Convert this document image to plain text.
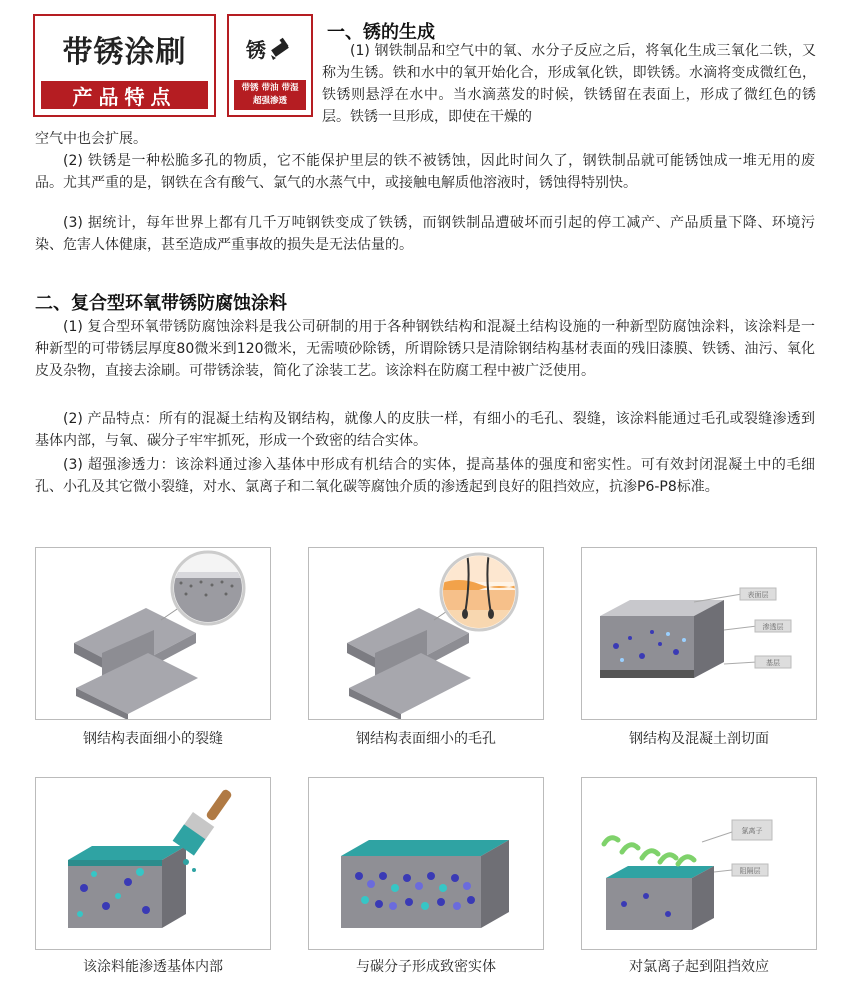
带锈涂刷
产品特点
锈
带锈 带油 带湿
超强渗透
一、锈的生成
(1) 钢铁制品和空气中的氧、水分子反应之后，将氧化生成三氧化二铁，又称为生锈。铁和水中的氧开始化合，形成氧化铁，即铁锈。水滴将变成微红色，铁锈则悬浮在水中。当水滴蒸发的时候，铁锈留在表面上，形成了微红色的锈层。铁锈一旦形成，即使在干燥的
空气中也会扩展。
(2) 铁锈是一种松脆多孔的物质，它不能保护里层的铁不被锈蚀，因此时间久了，钢铁制品就可能锈蚀成一堆无用的废品。尤其严重的是，钢铁在含有酸气、氯气的水蒸气中，或接触电解质他溶液时，锈蚀得特别快。
(3) 据统计，每年世界上都有几千万吨钢铁变成了铁锈，而钢铁制品遭破坏而引起的停工减产、产品质量下降、环境污染、危害人体健康，甚至造成严重事故的损失是无法估量的。
二、复合型环氧带锈防腐蚀涂料
(1) 复合型环氧带锈防腐蚀涂料是我公司研制的用于各种钢铁结构和混凝土结构设施的一种新型防腐蚀涂料，该涂料是一种新型的可带锈层厚度80微米到120微米，无需喷砂除锈，所谓除锈只是清除钢结构基材表面的残旧漆膜、铁锈、油污、氧化皮及杂物，直接去涂刷。可带锈涂装，简化了涂装工艺。该涂料在防腐工程中被广泛使用。
(2) 产品特点：所有的混凝土结构及钢结构，就像人的皮肤一样，有细小的毛孔、裂缝，该涂料能通过毛孔或裂缝渗透到基体内部，与氧、碳分子牢牢抓死，形成一个致密的结合实体。
(3) 超强渗透力：该涂料通过渗入基体中形成有机结合的实体，提高基体的强度和密实性。可有效封闭混凝土中的毛细孔、小孔及其它微小裂缝，对水、氯离子和二氧化碳等腐蚀介质的渗透起到良好的阻挡效应，抗渗P6-P8标准。
表面层
渗透层
基层
钢结构表面细小的裂缝	钢结构表面细小的毛孔	钢结构及混凝土剖切面
氯离子
阻隔层
该涂料能渗透基体内部	与碳分子形成致密实体	对氯离子起到阻挡效应
